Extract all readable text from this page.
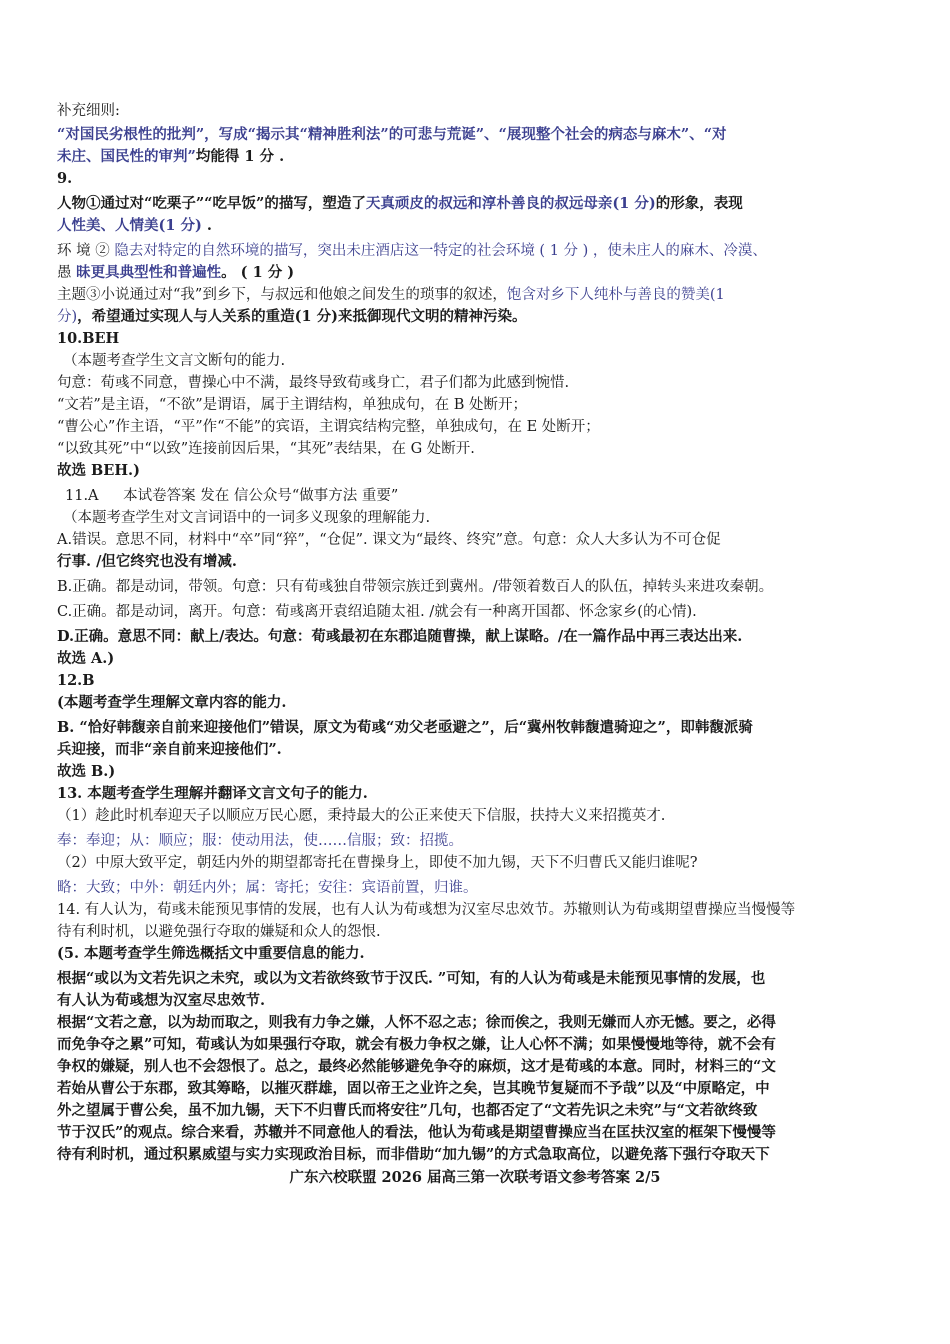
补充细则:
“对国民劣根性的批判”，写成“揭示其“精神胜利法”的可悲与荒诞”、“展现整个社会的病态与麻木”、“对
未庄、国民性的审判”均能得 1 分 .
9.
人物①通过对“吃栗子”“吃早饭”的描写，塑造了天真顽皮的叔远和淳朴善良的叔远母亲(1 分)的形象，表现
人性美、人情美(1 分) .
环 境 ② 隐去对特定的自然环境的描写，突出未庄酒店这一特定的社会环境 ( 1 分 ) ，使未庄人的麻木、冷漠、
愚 昧更具典型性和普遍性。 ( 1 分 )
主题③小说通过对“我”到乡下，与叔远和他娘之间发生的琐事的叙述，饱含对乡下人纯朴与善良的赞美(1
分)，希望通过实现人与人关系的重造(1 分)来抵御现代文明的精神污染。
10.BEH
（本题考查学生文言文断句的能力.
句意：荀彧不同意，曹操心中不满，最终导致荀彧身亡，君子们都为此感到惋惜.
“文若”是主语，“不欲”是谓语，属于主谓结构，单独成句，在 B 处断开；
“曹公心”作主语，“平”作“不能”的宾语，主谓宾结构完整，单独成句，在 E 处断开；
“以致其死”中“以致”连接前因后果，“其死”表结果，在 G 处断开.
故选 BEH.)
11.A 本试卷答案 发在 信公众号“做事方法 重要”
（本题考查学生对文言词语中的一词多义现象的理解能力.
A.错误。意思不同，材料中“卒”同“猝”，“仓促”. 课文为“最终、终究”意。句意：众人大多认为不可仓促
行事. /但它终究也没有增减.
B.正确。都是动词，带领。句意：只有荀彧独自带领宗族迁到冀州。/带领着数百人的队伍，掉转头来进攻秦朝。
C.正确。都是动词，离开。句意：荀彧离开袁绍追随太祖. /就会有一种离开国都、怀念家乡(的心情).
D.正确。意思不同：献上/表达。句意：荀彧最初在东郡追随曹操，献上谋略。/在一篇作品中再三表达出来.
故选 A.)
12.B
(本题考查学生理解文章内容的能力.
B. “恰好韩馥亲自前来迎接他们”错误，原文为荀彧“劝父老亟避之”，后“冀州牧韩馥遣骑迎之”，即韩馥派骑
兵迎接，而非“亲自前来迎接他们”.
故选 B.)
13. 本题考查学生理解并翻译文言文句子的能力.
（1）趁此时机奉迎天子以顺应万民心愿，秉持最大的公正来使天下信服，扶持大义来招揽英才.
奉：奉迎；从：顺应；服：使动用法，使……信服；致：招揽。
（2）中原大致平定，朝廷内外的期望都寄托在曹操身上，即使不加九锡，天下不归曹氏又能归谁呢?
略：大致；中外：朝廷内外；属：寄托；安往：宾语前置，归谁。
14. 有人认为，荀彧未能预见事情的发展，也有人认为荀彧想为汉室尽忠效节。苏辙则认为荀彧期望曹操应当慢慢等
待有利时机，以避免强行夺取的嫌疑和众人的怨恨.
(5. 本题考查学生筛选概括文中重要信息的能力.
根据“或以为文若先识之未究，或以为文若欲终致节于汉氏. ”可知，有的人认为荀彧是未能预见事情的发展，也
有人认为荀彧想为汉室尽忠效节.
根据“文若之意，以为劫而取之，则我有力争之嫌，人怀不忍之志；徐而俟之，我则无嫌而人亦无憾。要之，必得
而免争夺之累”可知，荀彧认为如果强行夺取，就会有极力争权之嫌，让人心怀不满；如果慢慢地等待，就不会有
争权的嫌疑，别人也不会怨恨了。总之，最终必然能够避免争夺的麻烦，这才是荀彧的本意。同时，材料三的“文
若始从曹公于东郡，致其筹略，以摧灭群雄，固以帝王之业许之矣，岂其晚节复疑而不予哉”以及“中原略定，中
外之望属于曹公矣，虽不加九锡，天下不归曹氏而将安往”几句，也都否定了“文若先识之未究”与“文若欲终致
节于汉氏”的观点。综合来看，苏辙并不同意他人的看法，他认为荀彧是期望曹操应当在匡扶汉室的框架下慢慢等
待有利时机，通过积累威望与实力实现政治目标，而非借助“加九锡”的方式急取高位，以避免落下强行夺取天下
广东六校联盟 2026 届高三第一次联考语文参考答案 2/5
